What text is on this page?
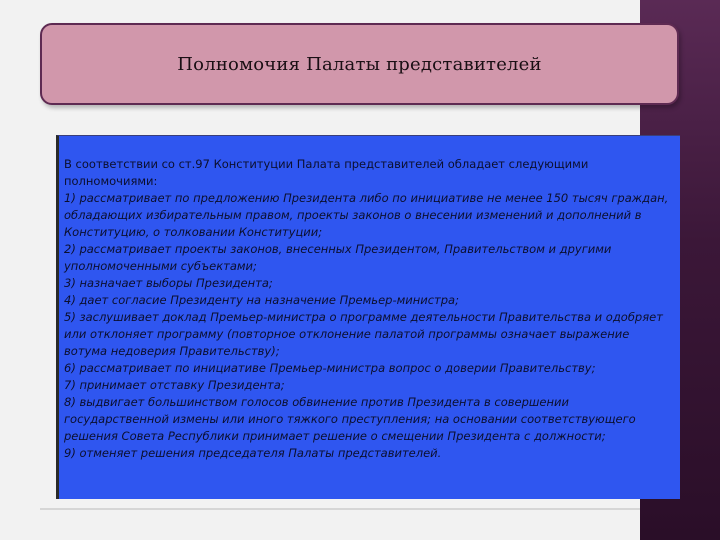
Полномочия Палаты представителей

В соответствии со ст.97 Конституции Палата представителей обладает следующими полномочиями:

1) рассматривает по предложению Президента либо по инициативе не менее 150 тысяч граждан, обладающих избирательным правом, проекты законов о внесении изменений и дополнений в Конституцию, о толковании Конституции;

2) рассматривает проекты законов, внесенных Президентом, Правительством и другими уполномоченными субъектами;

3) назначает выборы Президента;

4) дает согласие Президенту на назначение Премьер-министра;

5) заслушивает доклад Премьер-министра о программе деятельности Правительства и одобряет или отклоняет программу (повторное отклонение палатой программы означает выражение вотума недоверия Правительству);

6) рассматривает по инициативе Премьер-министра вопрос о доверии Правительству;

7) принимает отставку Президента;

8) выдвигает большинством голосов обвинение против Президента в совершении государственной измены или иного тяжкого преступления; на основании соответствующего решения Совета Республики принимает решение о смещении Президента с должности;

9) отменяет решения председателя Палаты представителей.
